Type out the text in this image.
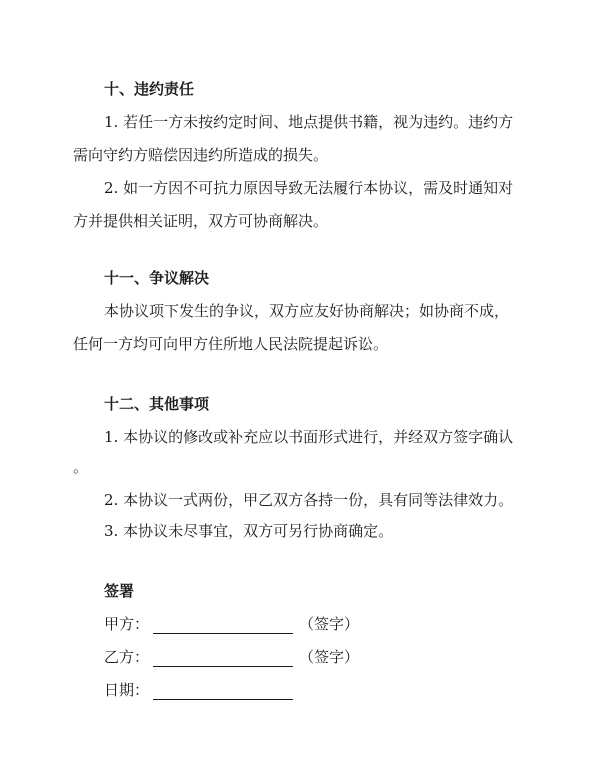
十、违约责任
1. 若任一方未按约定时间、地点提供书籍，视为违约。违约方
需向守约方赔偿因违约所造成的损失。
2. 如一方因不可抗力原因导致无法履行本协议，需及时通知对
方并提供相关证明，双方可协商解决。
十一、争议解决
本协议项下发生的争议，双方应友好协商解决；如协商不成，
任何一方均可向甲方住所地人民法院提起诉讼。
十二、其他事项
1. 本协议的修改或补充应以书面形式进行，并经双方签字确认
。
2. 本协议一式两份，甲乙双方各持一份，具有同等法律效力。
3. 本协议未尽事宜，双方可另行协商确定。
签署
甲方：	（签字）
乙方：	（签字）
日期：
